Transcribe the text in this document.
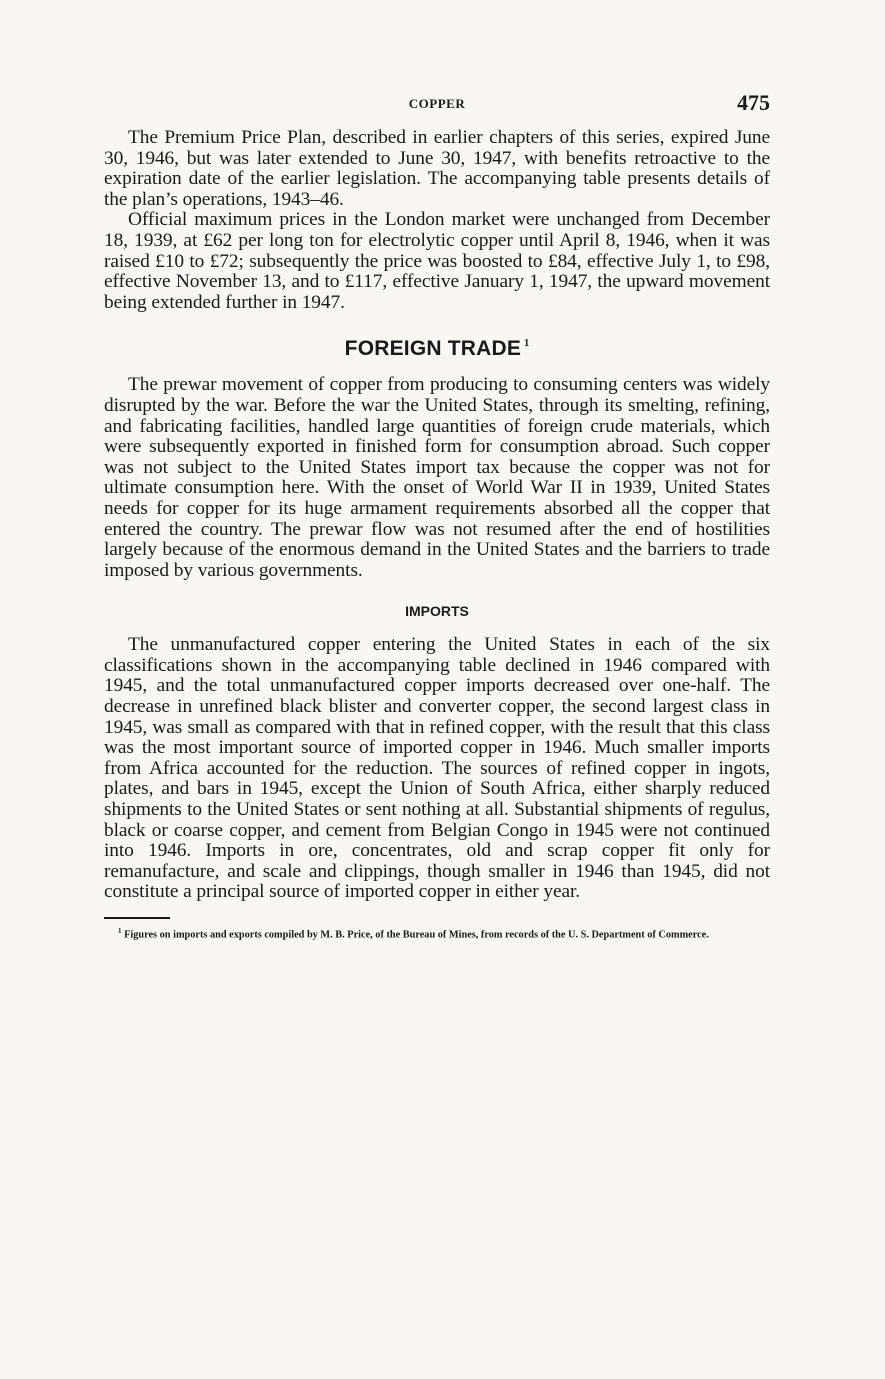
COPPER	475

The Premium Price Plan, described in earlier chapters of this series, expired June 30, 1946, but was later extended to June 30, 1947, with benefits retroactive to the expiration date of the earlier legislation. The accompanying table presents details of the plan’s operations, 1943–46.

Official maximum prices in the London market were unchanged from December 18, 1939, at £62 per long ton for electrolytic copper until April 8, 1946, when it was raised £10 to £72; subsequently the price was boosted to £84, effective July 1, to £98, effective November 13, and to £117, effective January 1, 1947, the upward movement being extended further in 1947.

FOREIGN TRADE $^1$

The prewar movement of copper from producing to consuming centers was widely disrupted by the war. Before the war the United States, through its smelting, refining, and fabricating facilities, handled large quantities of foreign crude materials, which were subsequently exported in finished form for consumption abroad. Such copper was not subject to the United States import tax because the copper was not for ultimate consumption here. With the onset of World War II in 1939, United States needs for copper for its huge armament requirements absorbed all the copper that entered the country. The prewar flow was not resumed after the end of hostilities largely because of the enormous demand in the United States and the barriers to trade imposed by various governments.

IMPORTS

The unmanufactured copper entering the United States in each of the six classifications shown in the accompanying table declined in 1946 compared with 1945, and the total unmanufactured copper imports decreased over one-half. The decrease in unrefined black blister and converter copper, the second largest class in 1945, was small as compared with that in refined copper, with the result that this class was the most important source of imported copper in 1946. Much smaller imports from Africa accounted for the reduction. The sources of refined copper in ingots, plates, and bars in 1945, except the Union of South Africa, either sharply reduced shipments to the United States or sent nothing at all. Substantial shipments of regulus, black or coarse copper, and cement from Belgian Congo in 1945 were not continued into 1946. Imports in ore, concentrates, old and scrap copper fit only for remanufacture, and scale and clippings, though smaller in 1946 than 1945, did not constitute a principal source of imported copper in either year.

$^1$ Figures on imports and exports compiled by M. B. Price, of the Bureau of Mines, from records of the U. S. Department of Commerce.
